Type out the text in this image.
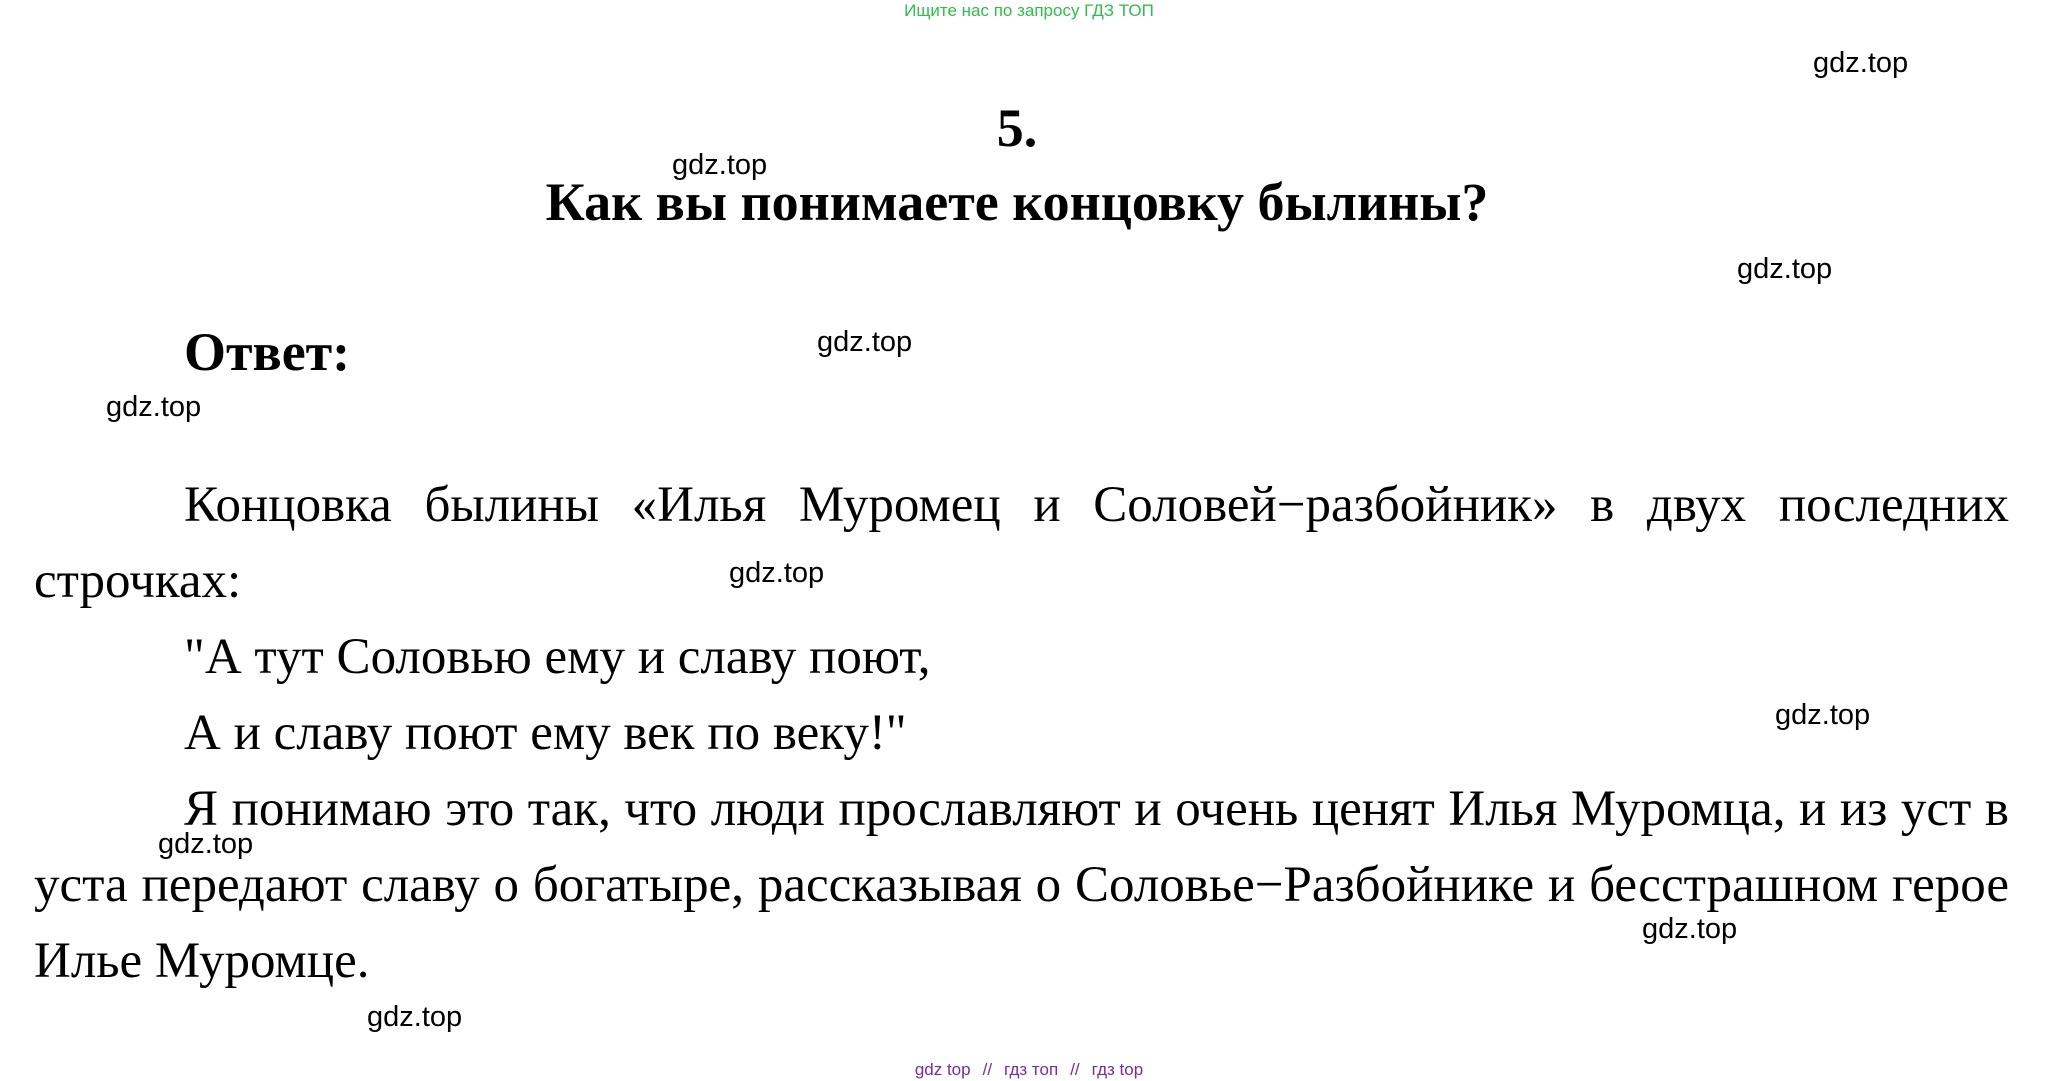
Ищите нас по запросу ГДЗ ТОП
5.
Как вы понимаете концовку былины?
Ответ:

Концовка былины «Илья Муромец и Соловей−разбойник» в двух последних строчках:

"А тут Соловью ему и славу поют,

А и славу поют ему век по веку!"

Я понимаю это так, что люди прославляют и очень ценят Илья Муромца, и из уст в уста передают славу о богатыре, рассказывая о Соловье−Разбойнике и бесстрашном герое Илье Муромце.

gdz.top
gdz.top
gdz.top
gdz.top
gdz.top
gdz.top
gdz.top
gdz.top
gdz.top
gdz.top
gdz top // гдз топ // гдз top
